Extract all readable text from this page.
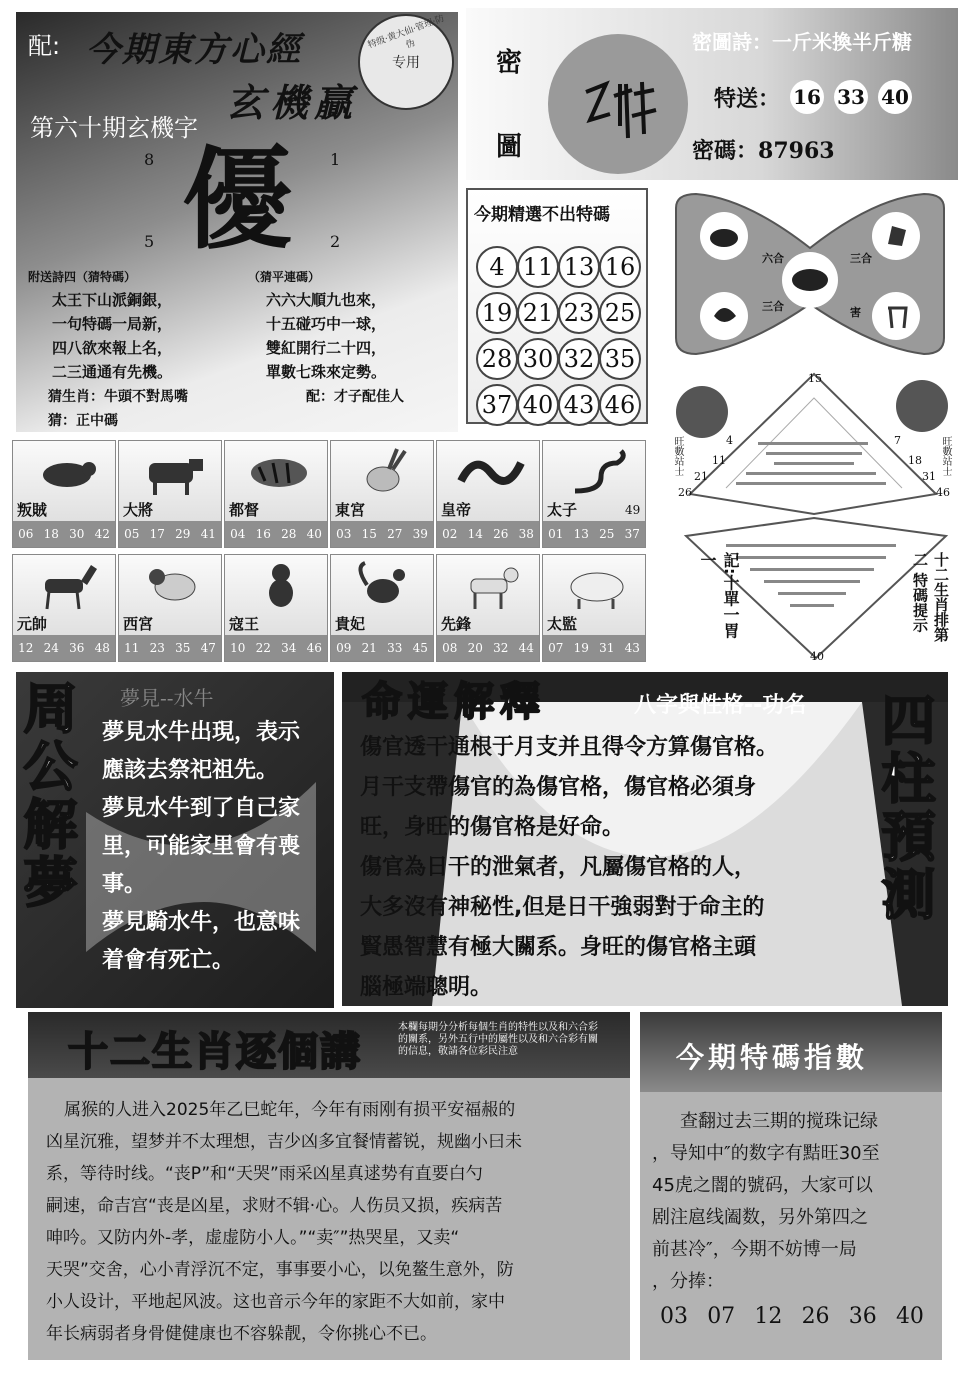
配: 今期東方心經
玄機贏
特级·黄大仙·管理·防伪
专用
第六十期玄機字
8	1
優
5	2
附送詩四（猜特碼）	（猜平連碼）
太王下山派銅銀，
一句特碼一局新，
四八欲來報上名，
二三通通有先機。
六六大順九也來，
十五碰巧中一球，
雙紅開行二十四，
單數七珠來定勢。
猜生肖：牛頭不對馬嘴
猜：正中碼
配：才子配佳人
密
圖
密圖詩：一斤米換半斤糖
特送： 16 33 40
密碼：87963
今期精選不出特碼
4 11 13 16
19 21 23 25
28 30 32 35
37 40 43 46
六合	三合
三合	害
15
4
11
21
26
7
18
31
46
40
旺數站士	旺數站士
記:十單一胃一	十二生肖排第二 特碼提示
叛賊
06 18 30 42
大將
05 17 29 41
都督
04 16 28 40
東宮
03 15 27 39
皇帝
02 14 26 38
太子
01 13 25 37
49
元帥
12 24 36 48
西宮
11 23 35 47
寇王
10 22 34 46
貴妃
09 21 33 45
先鋒
08 20 32 44
太監
07 19 31 43
周公解夢	夢見--水牛
夢見水牛出現，表示
應該去祭祀祖先。
夢見水牛到了自己家
里，可能家里會有喪
事。
夢見騎水牛，也意味
着會有死亡。
命運解釋	八字與性格--功名
傷官透干通根于月支并且得令方算傷官格。
月干支帶傷官的為傷官格，傷官格必須身
旺，身旺的傷官格是好命。
傷官為日干的泄氣者，凡屬傷官格的人，
大多沒有神秘性,但是日干強弱對于命主的
賢愚智慧有極大關系。身旺的傷官格主頭
腦極端聰明。
四柱預測
十二生肖逐個講
本欄每期分分析每個生肖的特性以及和六合彩的關系，另外五行中的屬性以及和六合彩有關的信息，敬請各位彩民注意
属猴的人进入2025年乙巳蛇年，今年有雨刚有损平安福赧的
凶星沉雅，望梦并不太理想，吉少凶多宜餐情蓄锐，规幽小曰未
系，等待时线。“丧P”和“天哭”雨采凶星真逑势有直要白勺
嗣速，命吉宫“丧是凶星，求财不辑·心。人伤员又损，疾病苦
呻吟。又防内外-孝，虚虚防小人。”“卖″”热哭星，又卖“
天哭”交舍，心小青浮沉不定，事事要小心，以免鳌生意外，防
小人设计，平地起风波。这也音示今年的家距不大如前，家中
年长病弱者身骨健健康也不容躲靓，令你挑心不已。
今期特碼指數
查翻过去三期的搅珠记绿
，导知中″的数字有黠旺30至
45虎之闇的號码，大家可以
剧注扈线阖数，另外第四之
前甚冷″，今期不妨博一局
，分捧：
03 07 12 26 36 40
